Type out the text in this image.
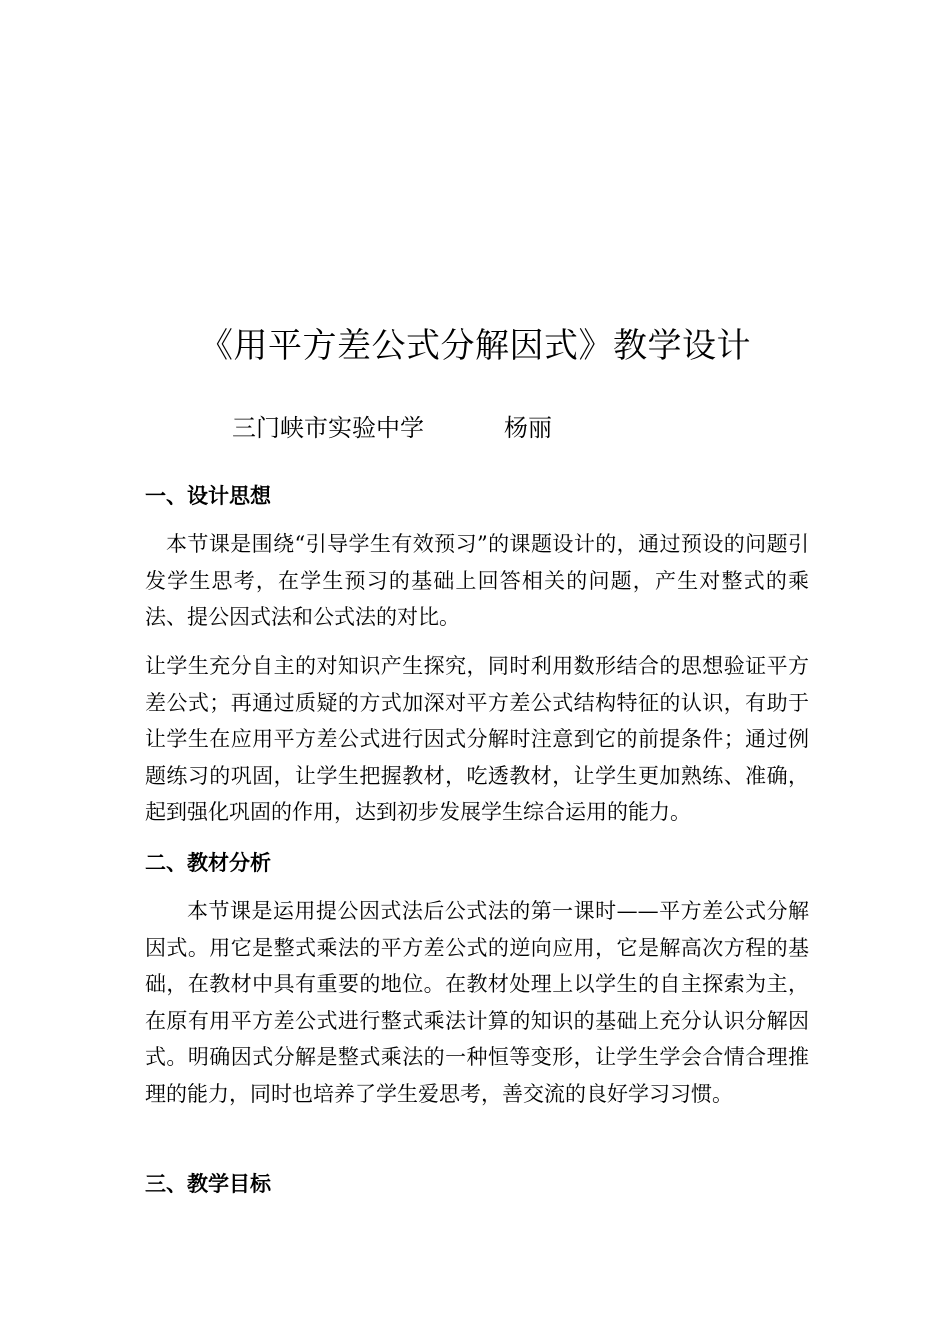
《用平方差公式分解因式》教学设计
三门峡市实验中学	杨丽
一、设计思想

本节课是围绕“引导学生有效预习”的课题设计的，通过预设的问题引发学生思考，在学生预习的基础上回答相关的问题，产生对整式的乘法、提公因式法和公式法的对比。

让学生充分自主的对知识产生探究，同时利用数形结合的思想验证平方差公式；再通过质疑的方式加深对平方差公式结构特征的认识，有助于让学生在应用平方差公式进行因式分解时注意到它的前提条件；通过例题练习的巩固，让学生把握教材，吃透教材，让学生更加熟练、准确，起到强化巩固的作用，达到初步发展学生综合运用的能力。

二、教材分析

本节课是运用提公因式法后公式法的第一课时——平方差公式分解因式。用它是整式乘法的平方差公式的逆向应用，它是解高次方程的基础，在教材中具有重要的地位。在教材处理上以学生的自主探索为主，在原有用平方差公式进行整式乘法计算的知识的基础上充分认识分解因式。明确因式分解是整式乘法的一种恒等变形，让学生学会合情合理推理的能力，同时也培养了学生爱思考，善交流的良好学习习惯。

三、教学目标
